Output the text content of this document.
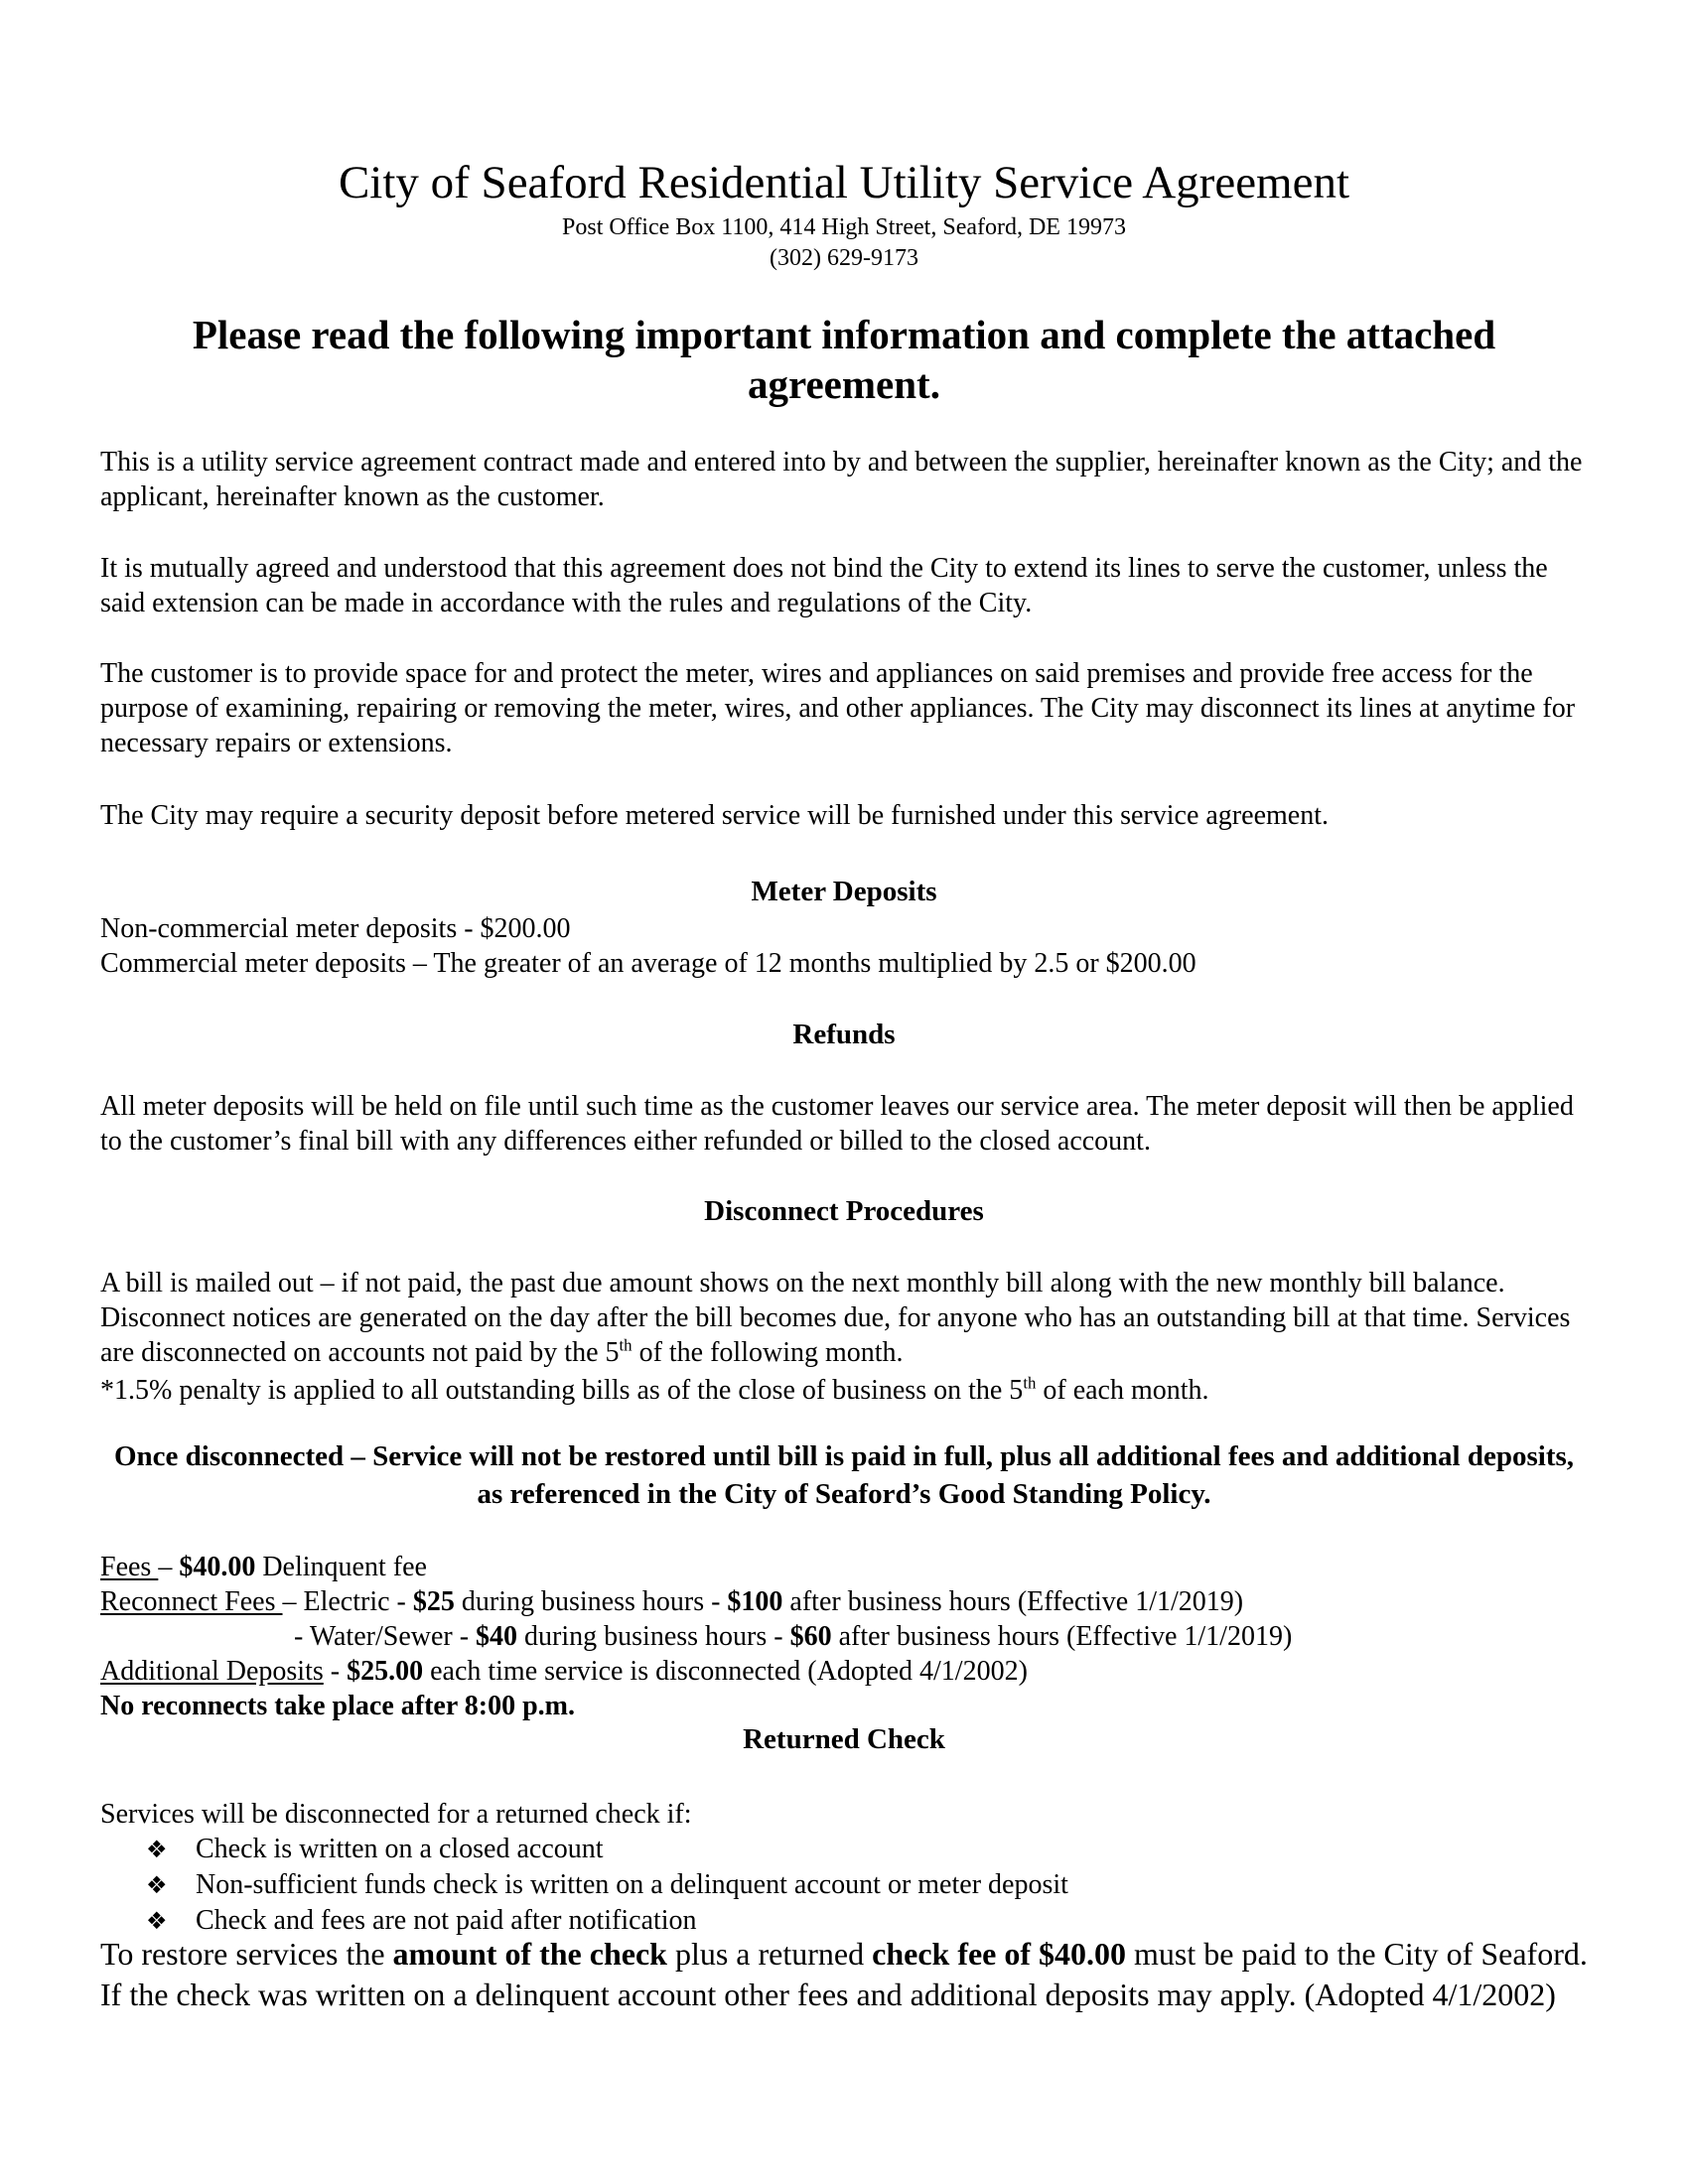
City of Seaford Residential Utility Service Agreement
Post Office Box 1100, 414 High Street, Seaford, DE 19973
(302) 629-9173
Please read the following important information and complete the attached agreement.
This is a utility service agreement contract made and entered into by and between the supplier, hereinafter known as the City; and the applicant, hereinafter known as the customer.
It is mutually agreed and understood that this agreement does not bind the City to extend its lines to serve the customer, unless the said extension can be made in accordance with the rules and regulations of the City.
The customer is to provide space for and protect the meter, wires and appliances on said premises and provide free access for the purpose of examining, repairing or removing the meter, wires, and other appliances. The City may disconnect its lines at anytime for necessary repairs or extensions.
The City may require a security deposit before metered service will be furnished under this service agreement.
Meter Deposits
Non-commercial meter deposits - $200.00
Commercial meter deposits – The greater of an average of 12 months multiplied by 2.5 or $200.00
Refunds
All meter deposits will be held on file until such time as the customer leaves our service area. The meter deposit will then be applied to the customer’s final bill with any differences either refunded or billed to the closed account.
Disconnect Procedures
A bill is mailed out – if not paid, the past due amount shows on the next monthly bill along with the new monthly bill balance. Disconnect notices are generated on the day after the bill becomes due, for anyone who has an outstanding bill at that time. Services are disconnected on accounts not paid by the 5th of the following month.
*1.5% penalty is applied to all outstanding bills as of the close of business on the 5th of each month.
Once disconnected – Service will not be restored until bill is paid in full, plus all additional fees and additional deposits, as referenced in the City of Seaford’s Good Standing Policy.
Fees – $40.00 Delinquent fee
Reconnect Fees – Electric - $25 during business hours - $100 after business hours (Effective 1/1/2019)
- Water/Sewer - $40 during business hours - $60 after business hours (Effective 1/1/2019)
Additional Deposits - $25.00 each time service is disconnected (Adopted 4/1/2002)
No reconnects take place after 8:00 p.m.
Returned Check
Services will be disconnected for a returned check if:
❖ Check is written on a closed account
❖ Non-sufficient funds check is written on a delinquent account or meter deposit
❖ Check and fees are not paid after notification
To restore services the amount of the check plus a returned check fee of $40.00 must be paid to the City of Seaford. If the check was written on a delinquent account other fees and additional deposits may apply. (Adopted 4/1/2002)
